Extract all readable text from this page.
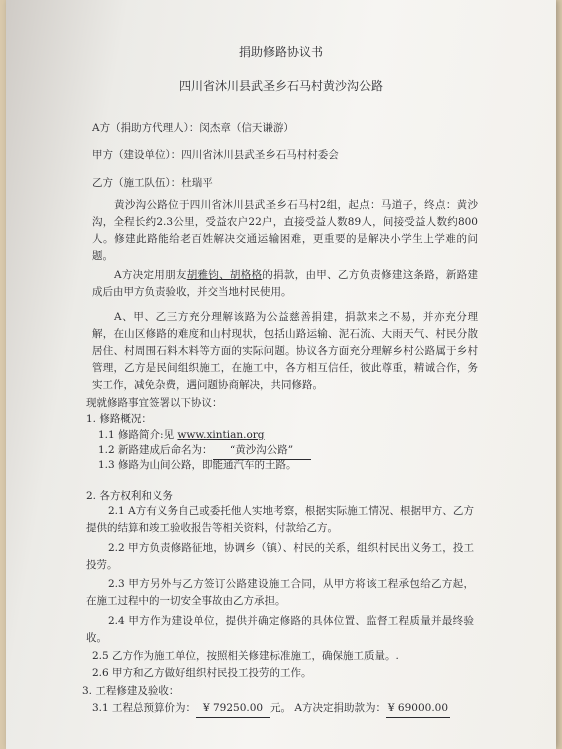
捐助修路协议书
四川省沐川县武圣乡石马村黄沙沟公路
A方（捐助方代理人）：闵杰章（信天谦游）
甲方（建设单位）：四川省沐川县武圣乡石马村村委会
乙方（施工队伍）：杜瑞平
黄沙沟公路位于四川省沐川县武圣乡石马村2组，起点：马道子，终点：黄沙沟，全程长约2.3公里，受益农户22户，直接受益人数89人，间接受益人数约800人。修建此路能给老百姓解决交通运输困难，更重要的是解决小学生上学难的问题。
A方决定用朋友胡雅钧、胡格格的捐款，由甲、乙方负责修建这条路，新路建成后由甲方负责验收，并交当地村民使用。
A、甲、乙三方充分理解该路为公益慈善捐建，捐款来之不易，并亦充分理解，在山区修路的难度和山村现状，包括山路运输、泥石流、大雨天气、村民分散居住、村周围石料木料等方面的实际问题。协议各方面充分理解乡村公路属于乡村管理，乙方是民间组织施工，在施工中，各方相互信任，彼此尊重，精诚合作，务实工作，减免杂费，遇问题协商解决，共同修路。
现就修路事宜签署以下协议：
1. 修路概况：
1.1 修路简介:见 www.xintian.org
1.2 新路建成后命名为： “黄沙沟公路”
1.3 修路为山间公路，即能通汽车的土路。
2. 各方权利和义务
2.1 A方有义务自己或委托他人实地考察，根据实际施工情况、根据甲方、乙方提供的结算和竣工验收报告等相关资料，付款给乙方。
2.2 甲方负责修路征地，协调乡（镇）、村民的关系，组织村民出义务工，投工投劳。
2.3 甲方另外与乙方签订公路建设施工合同，从甲方将该工程承包给乙方起，在施工过程中的一切安全事故由乙方承担。
2.4 甲方作为建设单位，提供并确定修路的具体位置、监督工程质量并最终验收。
2.5 乙方作为施工单位，按照相关修建标准施工，确保施工质量。.
2.6 甲方和乙方做好组织村民投工投劳的工作。
3. 工程修建及验收：
3.1 工程总预算价为： ¥ 79250.00 元。 A方决定捐助款为： ¥ 69000.00
